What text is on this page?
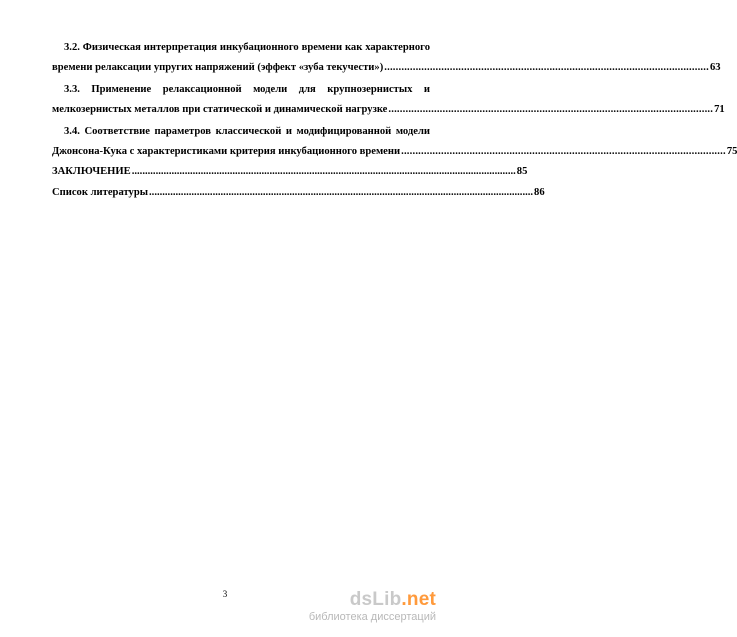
3.2. Физическая интерпретация инкубационного времени как характерного
времени релаксации упругих напряжений (эффект «зуба текучести») .................................................................................................................. 63
3.3. Применение релаксационной модели для крупнозернистых и
мелкозернистых металлов при статической и динамической нагрузке .................................................................................................................. 71
3.4. Соответствие параметров классической и модифицированной модели
Джонсона-Кука с характеристиками критерия инкубационного времени .................................................................................................................. 75
ЗАКЛЮЧЕНИЕ ................................................................................................................................................. 85
Список литературы ................................................................................................................................................. 86
3	dsLib.net
библиотека диссертаций
